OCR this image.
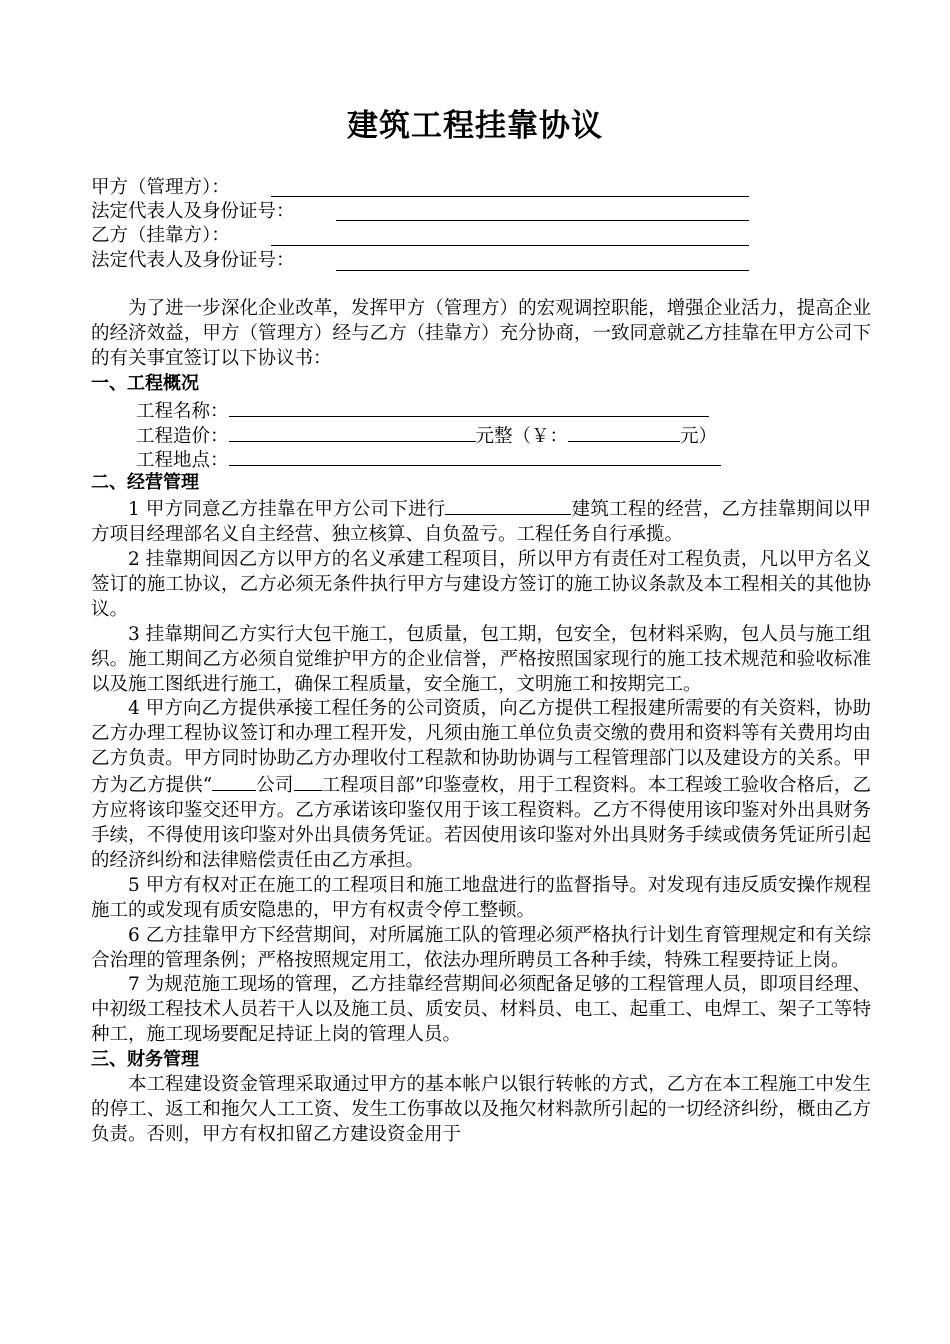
建筑工程挂靠协议
甲方（管理方）：
法定代表人及身份证号：
乙方（挂靠方）：
法定代表人及身份证号：

为了进一步深化企业改革，发挥甲方（管理方）的宏观调控职能，增强企业活力，提高企业的经济效益，甲方（管理方）经与乙方（挂靠方）充分协商，一致同意就乙方挂靠在甲方公司下的有关事宜签订以下协议书：

一、工程概况

工程名称：
工程造价：	元整（￥：	元）
工程地点：

二、经营管理

1 甲方同意乙方挂靠在甲方公司下进行	建筑工程的经营，乙方挂靠期间以甲方项目经理部名义自主经营、独立核算、自负盈亏。工程任务自行承揽。

2 挂靠期间因乙方以甲方的名义承建工程项目，所以甲方有责任对工程负责，凡以甲方名义签订的施工协议，乙方必须无条件执行甲方与建设方签订的施工协议条款及本工程相关的其他协议。

3 挂靠期间乙方实行大包干施工，包质量，包工期，包安全，包材料采购，包人员与施工组织。施工期间乙方必须自觉维护甲方的企业信誉，严格按照国家现行的施工技术规范和验收标准以及施工图纸进行施工，确保工程质量，安全施工，文明施工和按期完工。

4 甲方向乙方提供承接工程任务的公司资质，向乙方提供工程报建所需要的有关资料，协助乙方办理工程协议签订和办理工程开发，凡须由施工单位负责交缴的费用和资料等有关费用均由乙方负责。甲方同时协助乙方办理收付工程款和协助协调与工程管理部门以及建设方的关系。甲方为乙方提供“ 公司 工程项目部”印鉴壹枚，用于工程资料。本工程竣工验收合格后，乙方应将该印鉴交还甲方。乙方承诺该印鉴仅用于该工程资料。乙方不得使用该印鉴对外出具财务手续，不得使用该印鉴对外出具债务凭证。若因使用该印鉴对外出具财务手续或债务凭证所引起的经济纠纷和法律赔偿责任由乙方承担。

5 甲方有权对正在施工的工程项目和施工地盘进行的监督指导。对发现有违反质安操作规程施工的或发现有质安隐患的，甲方有权责令停工整顿。

6 乙方挂靠甲方下经营期间，对所属施工队的管理必须严格执行计划生育管理规定和有关综合治理的管理条例；严格按照规定用工，依法办理所聘员工各种手续，特殊工程要持证上岗。

7 为规范施工现场的管理，乙方挂靠经营期间必须配备足够的工程管理人员，即项目经理、中初级工程技术人员若干人以及施工员、质安员、材料员、电工、起重工、电焊工、架子工等特种工，施工现场要配足持证上岗的管理人员。

三、财务管理

本工程建设资金管理采取通过甲方的基本帐户以银行转帐的方式，乙方在本工程施工中发生的停工、返工和拖欠人工工资、发生工伤事故以及拖欠材料款所引起的一切经济纠纷，概由乙方负责。否则，甲方有权扣留乙方建设资金用于
